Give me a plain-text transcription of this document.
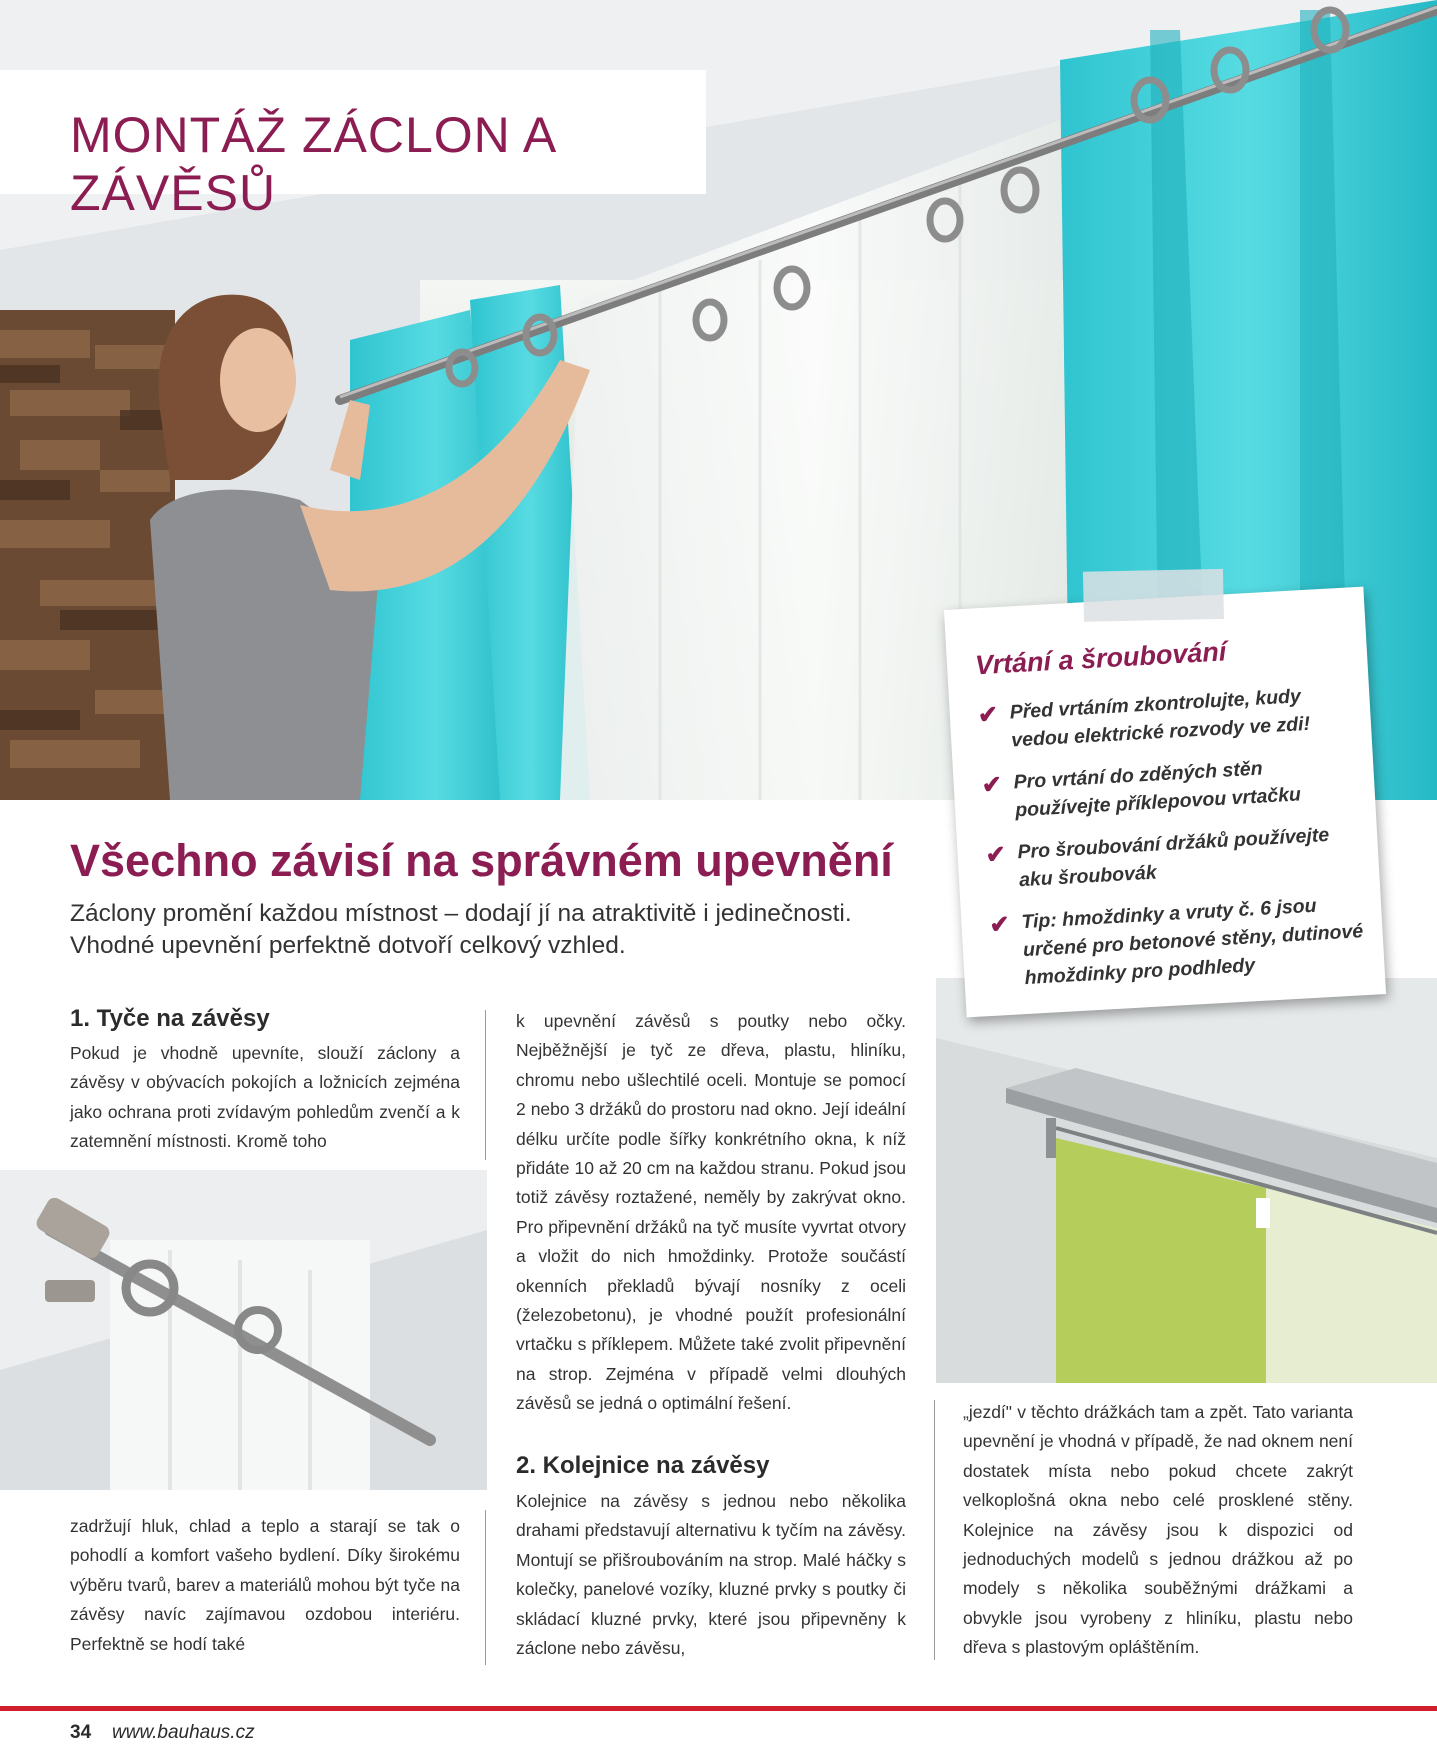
MONTÁŽ ZÁCLON A ZÁVĚSŮ
Všechno závisí na správném upevnění

Záclony promění každou místnost – dodají jí na atraktivitě i jedinečnosti. Vhodné upevnění perfektně dotvoří celkový vzhled.

1. Tyče na závěsy

Pokud je vhodně upevníte, slouží záclony a závěsy v obývacích pokojích a ložnicích zejména jako ochrana proti zvídavým pohledům zvenčí a k zatemnění místnosti. Kromě toho

zadržují hluk, chlad a teplo a starají se tak o pohodlí a komfort vašeho bydlení. Díky širokému výběru tvarů, barev a materiálů mohou být tyče na závěsy navíc zajímavou ozdobou interiéru. Perfektně se hodí také

k upevnění závěsů s poutky nebo očky. Nejběžnější je tyč ze dřeva, plastu, hliníku, chromu nebo ušlechtilé oceli. Montuje se pomocí 2 nebo 3 držáků do prostoru nad okno. Její ideální délku určíte podle šířky konkrétního okna, k níž přidáte 10 až 20 cm na každou stranu. Pokud jsou totiž závěsy roztažené, neměly by zakrývat okno. Pro připevnění držáků na tyč musíte vyvrtat otvory a vložit do nich hmoždinky. Protože součástí okenních překladů bývají nosníky z oceli (železobetonu), je vhodné použít profesionální vrtačku s příklepem. Můžete také zvolit připevnění na strop. Zejména v případě velmi dlouhých závěsů se jedná o optimální řešení.

2. Kolejnice na závěsy

Kolejnice na závěsy s jednou nebo několika drahami představují alternativu k tyčím na závěsy. Montují se přišroubováním na strop. Malé háčky s kolečky, panelové vozíky, kluzné prvky s poutky či skládací kluzné prvky, které jsou připevněny k záclone nebo závěsu,

„jezdí" v těchto drážkách tam a zpět. Tato varianta upevnění je vhodná v případě, že nad oknem není dostatek místa nebo pokud chcete zakrýt velkoplošná okna nebo celé prosklené stěny. Kolejnice na závěsy jsou k dispozici od jednoduchých modelů s jednou drážkou až po modely s několika souběžnými drážkami a obvykle jsou vyrobeny z hliníku, plastu nebo dřeva s plastovým opláštěním.

Vrtání a šroubování
✔ Před vrtáním zkontrolujte, kudy vedou elektrické rozvody ve zdi!
✔ Pro vrtání do zděných stěn používejte příklepovou vrtačku
✔ Pro šroubování držáků používejte aku šroubovák
✔ Tip: hmoždinky a vruty č. 6 jsou určené pro betonové stěny, dutinové hmoždinky pro podhledy
34 www.bauhaus.cz
